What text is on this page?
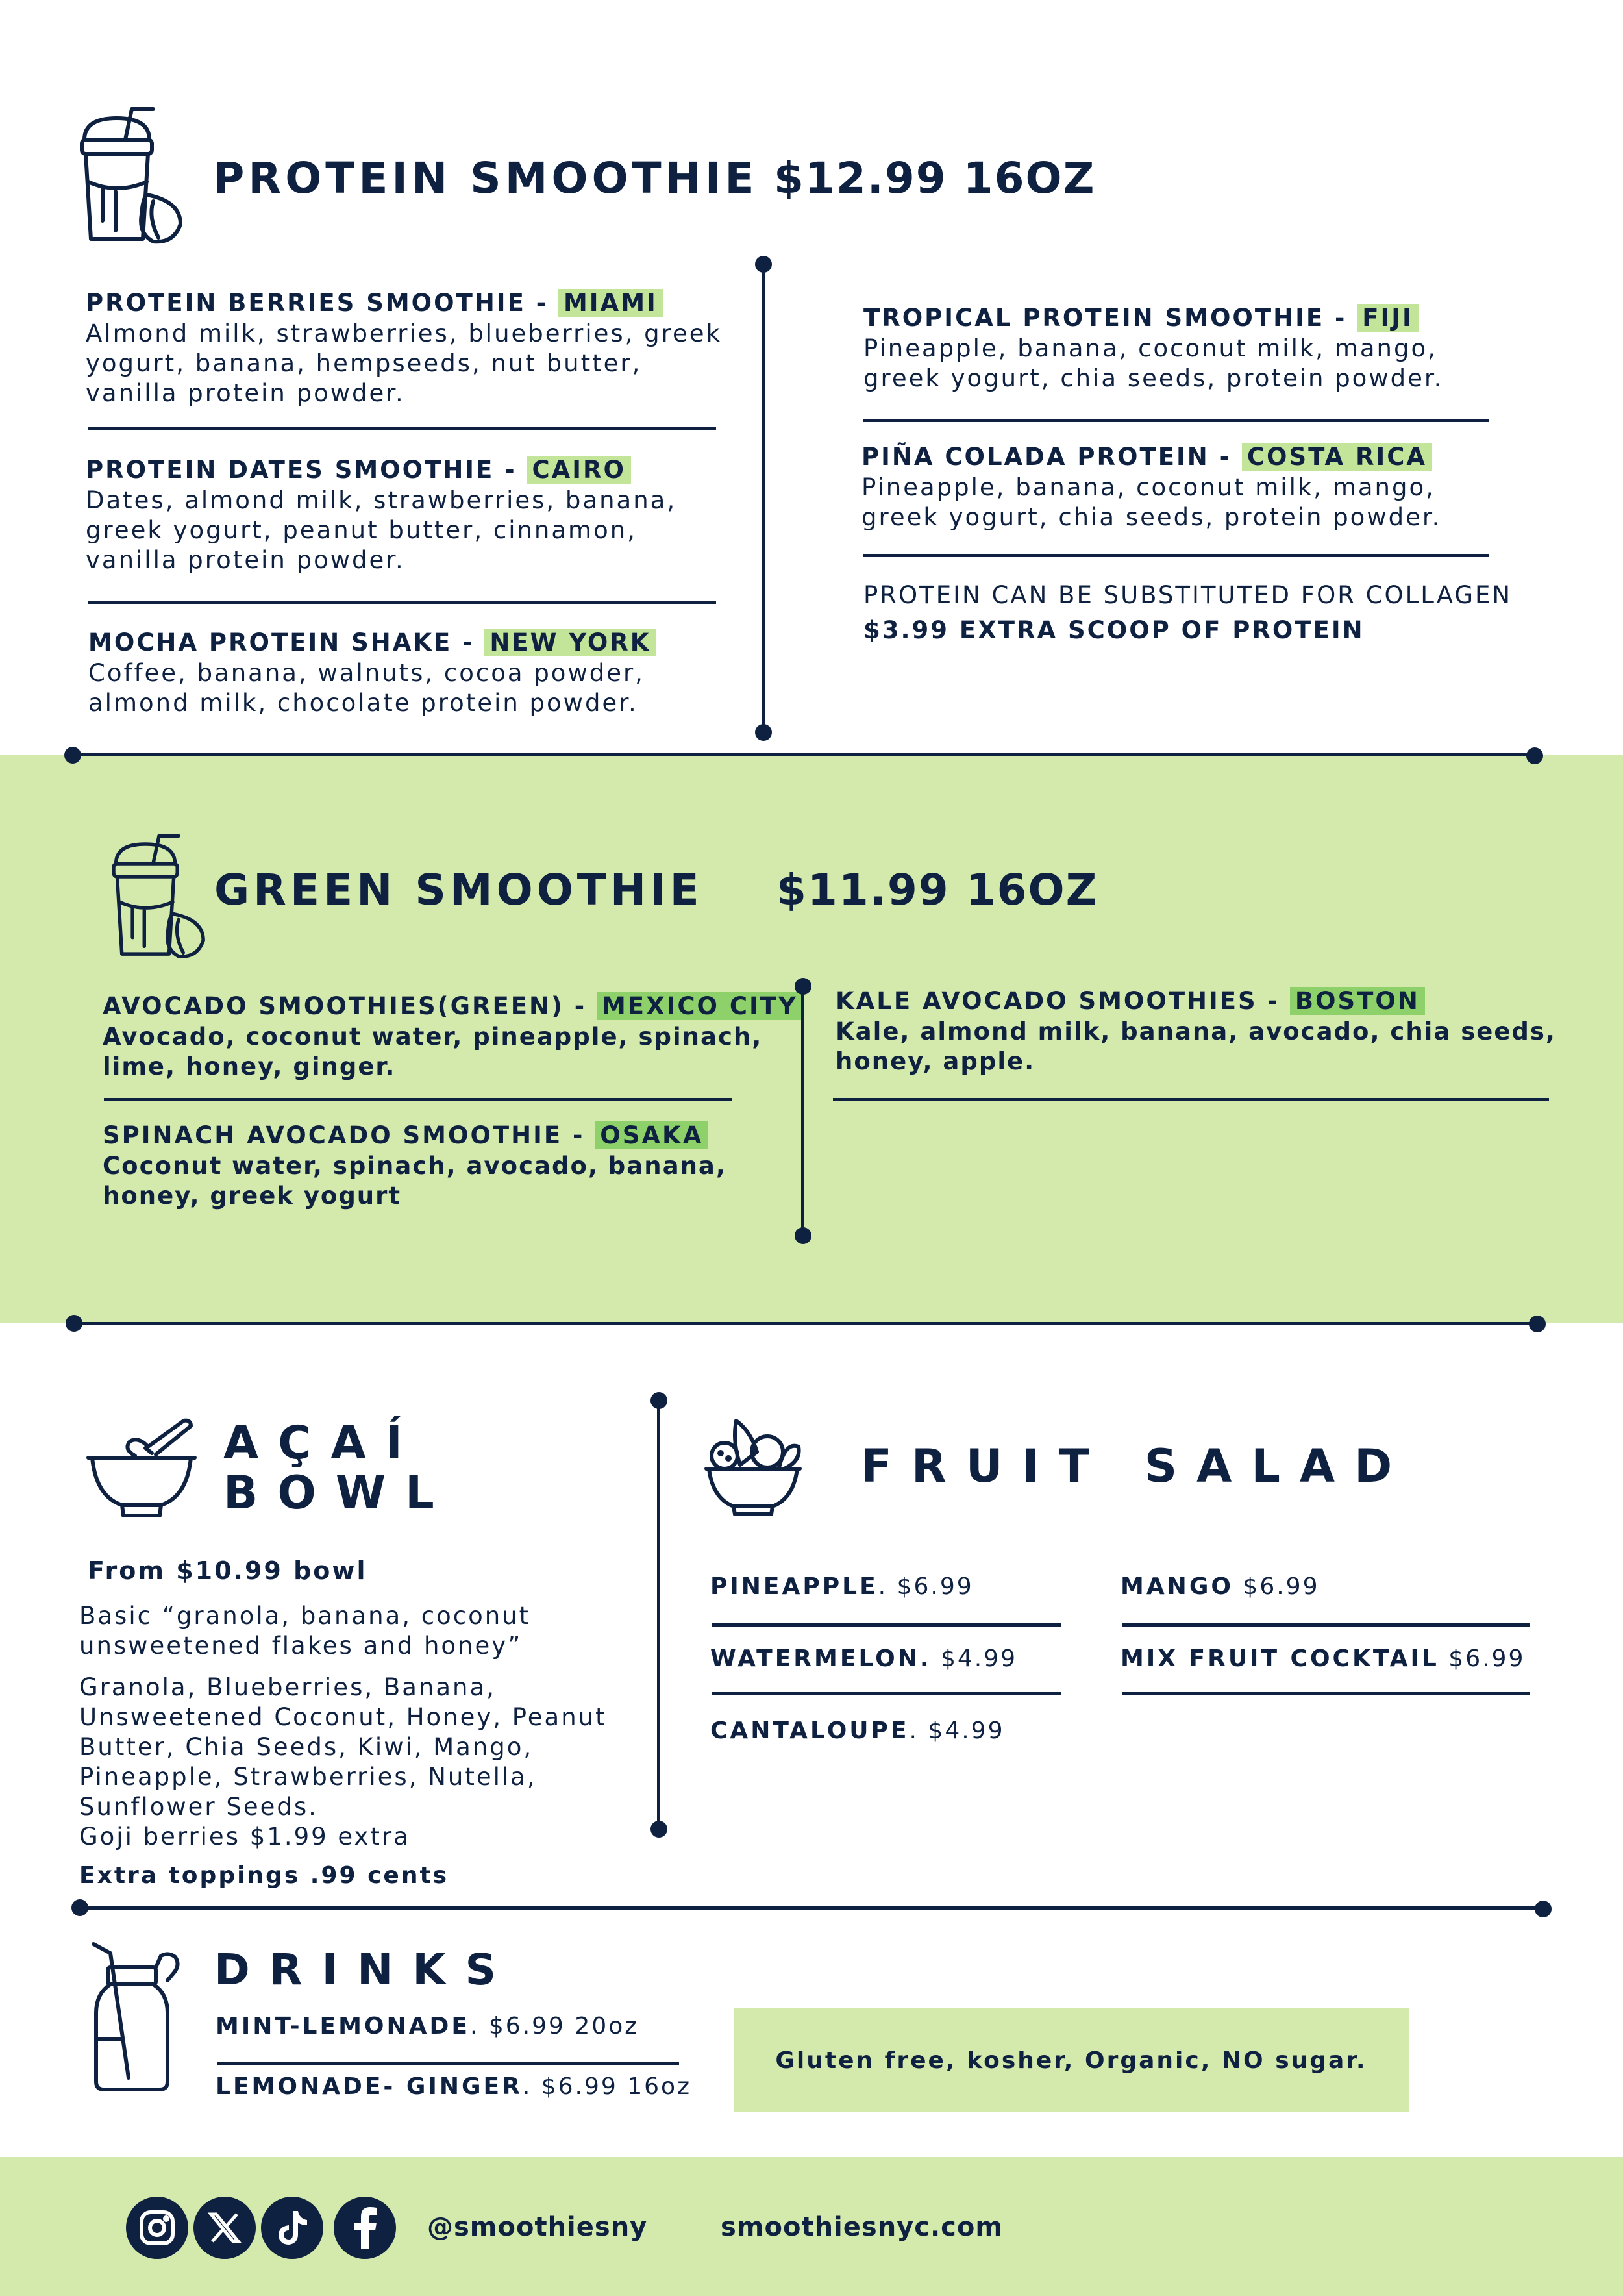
PROTEIN SMOOTHIE $12.99 16OZ
PROTEIN BERRIES SMOOTHIE - MIAMI
Almond milk, strawberries, blueberries, greek yogurt, banana, hempseeds, nut butter, vanilla protein powder.
PROTEIN DATES SMOOTHIE - CAIRO
Dates, almond milk, strawberries, banana, greek yogurt, peanut butter, cinnamon, vanilla protein powder.
MOCHA PROTEIN SHAKE - NEW YORK
Coffee, banana, walnuts, cocoa powder, almond milk, chocolate protein powder.
TROPICAL PROTEIN SMOOTHIE - FIJI
Pineapple, banana, coconut milk, mango, greek yogurt, chia seeds, protein powder.
PIÑA COLADA PROTEIN - COSTA RICA
Pineapple, banana, coconut milk, mango, greek yogurt, chia seeds, protein powder.
PROTEIN CAN BE SUBSTITUTED FOR COLLAGEN
$3.99 EXTRA SCOOP OF PROTEIN
GREEN SMOOTHIE $11.99 16OZ
AVOCADO SMOOTHIES(GREEN) - MEXICO CITY
Avocado, coconut water, pineapple, spinach, lime, honey, ginger.
SPINACH AVOCADO SMOOTHIE - OSAKA
Coconut water, spinach, avocado, banana, honey, greek yogurt
KALE AVOCADO SMOOTHIES - BOSTON
Kale, almond milk, banana, avocado, chia seeds, honey, apple.
AÇAÍ
BOWL
From $10.99 bowl
Basic “granola, banana, coconut unsweetened flakes and honey”
Granola, Blueberries, Banana, Unsweetened Coconut, Honey, Peanut Butter, Chia Seeds, Kiwi, Mango, Pineapple, Strawberries, Nutella, Sunflower Seeds.
Goji berries $1.99 extra
Extra toppings .99 cents
FRUIT SALAD
PINEAPPLE. $6.99
WATERMELON. $4.99
CANTALOUPE. $4.99
MANGO $6.99
MIX FRUIT COCKTAIL $6.99
DRINKS
MINT-LEMONADE. $6.99 20oz
LEMONADE- GINGER. $6.99 16oz
Gluten free, kosher, Organic, NO sugar.
@smoothiesny	smoothiesnyc.com
